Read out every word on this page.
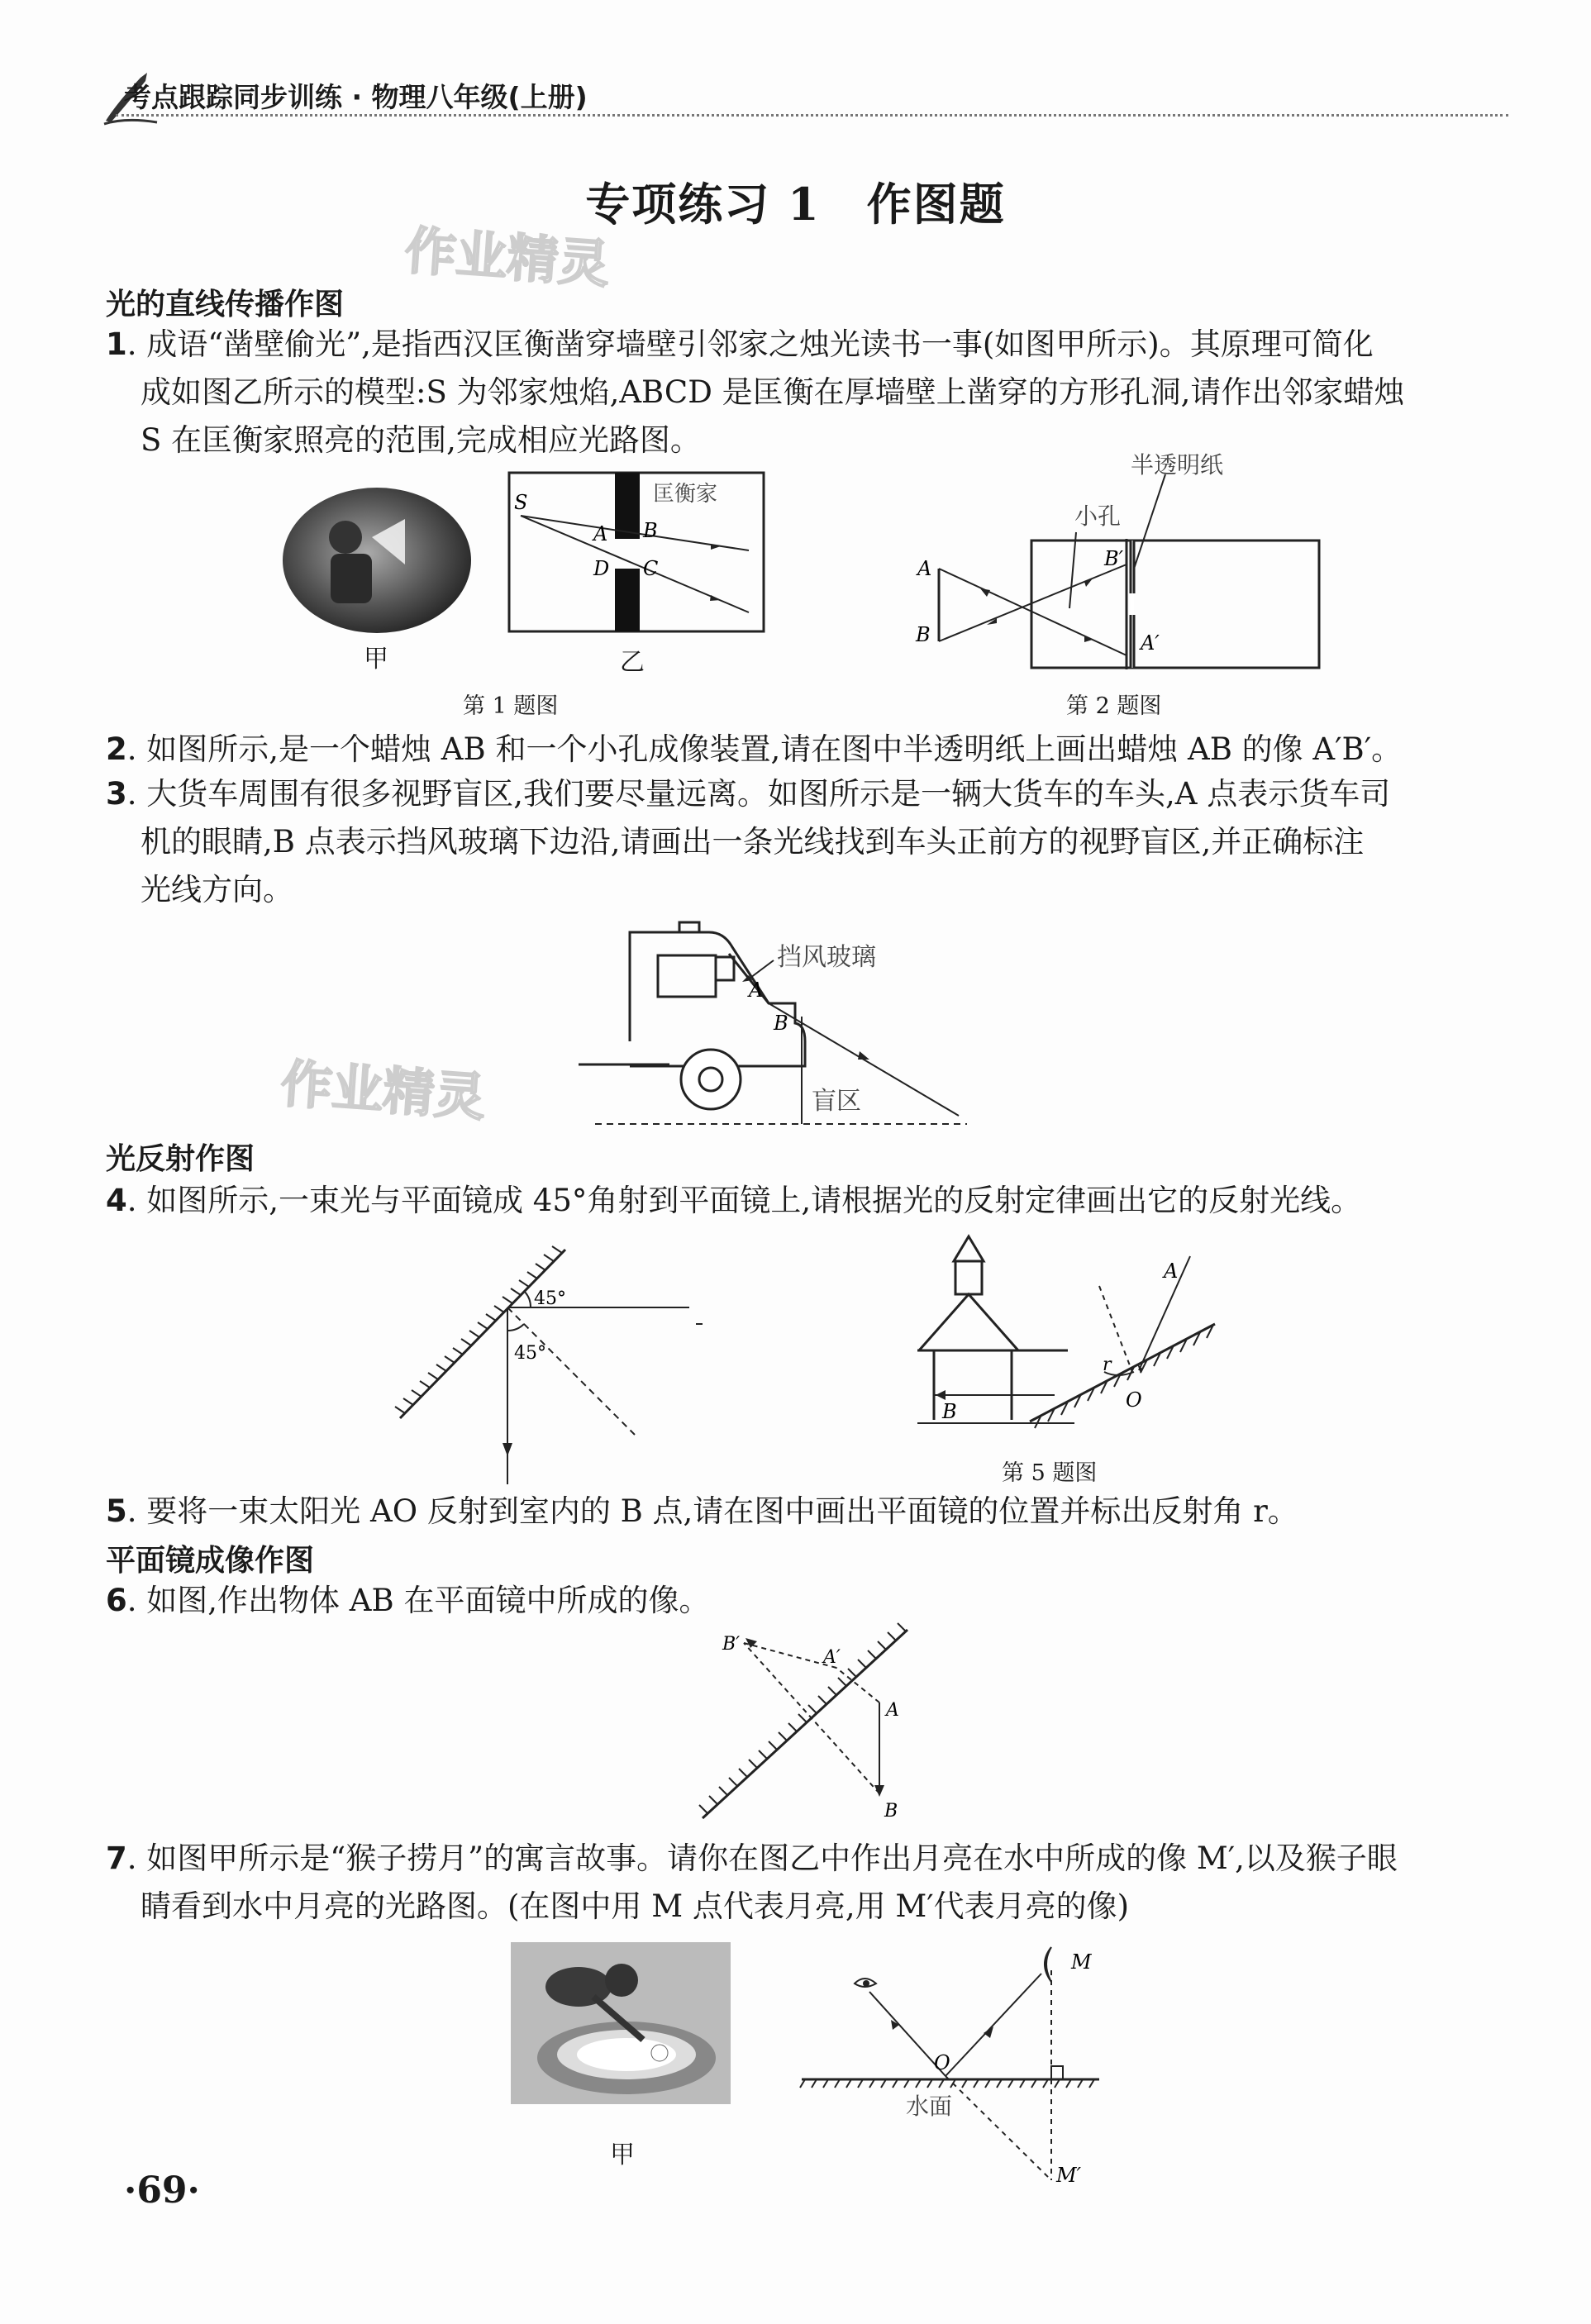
考点跟踪同步训练 · 物理八年级(上册)
专项练习 1　作图题
作业精灵
作业精灵
光的直线传播作图
1. 成语“凿壁偷光”,是指西汉匡衡凿穿墙壁引邻家之烛光读书一事(如图甲所示)。其原理可简化
成如图乙所示的模型:S 为邻家烛焰,ABCD 是匡衡在厚墙壁上凿穿的方形孔洞,请作出邻家蜡烛
S 在匡衡家照亮的范围,完成相应光路图。
甲
S
A B
D C
匡衡家
乙
第 1 题图
A
B
B′
A′
小孔
半透明纸
第 2 题图
2. 如图所示,是一个蜡烛 AB 和一个小孔成像装置,请在图中半透明纸上画出蜡烛 AB 的像 A′B′。
3. 大货车周围有很多视野盲区,我们要尽量远离。如图所示是一辆大货车的车头,A 点表示货车司
机的眼睛,B 点表示挡风玻璃下边沿,请画出一条光线找到车头正前方的视野盲区,并正确标注
光线方向。
挡风玻璃
A
B
盲区
光反射作图
4. 如图所示,一束光与平面镜成 45°角射到平面镜上,请根据光的反射定律画出它的反射光线。
45°
45°
A
B	O
r
第 5 题图
5. 要将一束太阳光 AO 反射到室内的 B 点,请在图中画出平面镜的位置并标出反射角 r。
平面镜成像作图
6. 如图,作出物体 AB 在平面镜中所成的像。
B′
A′
A
B
7. 如图甲所示是“猴子捞月”的寓言故事。请你在图乙中作出月亮在水中所成的像 M′,以及猴子眼
睛看到水中月亮的光路图。(在图中用 M 点代表月亮,用 M′代表月亮的像)
甲
M
O
水面
M′
·69·
